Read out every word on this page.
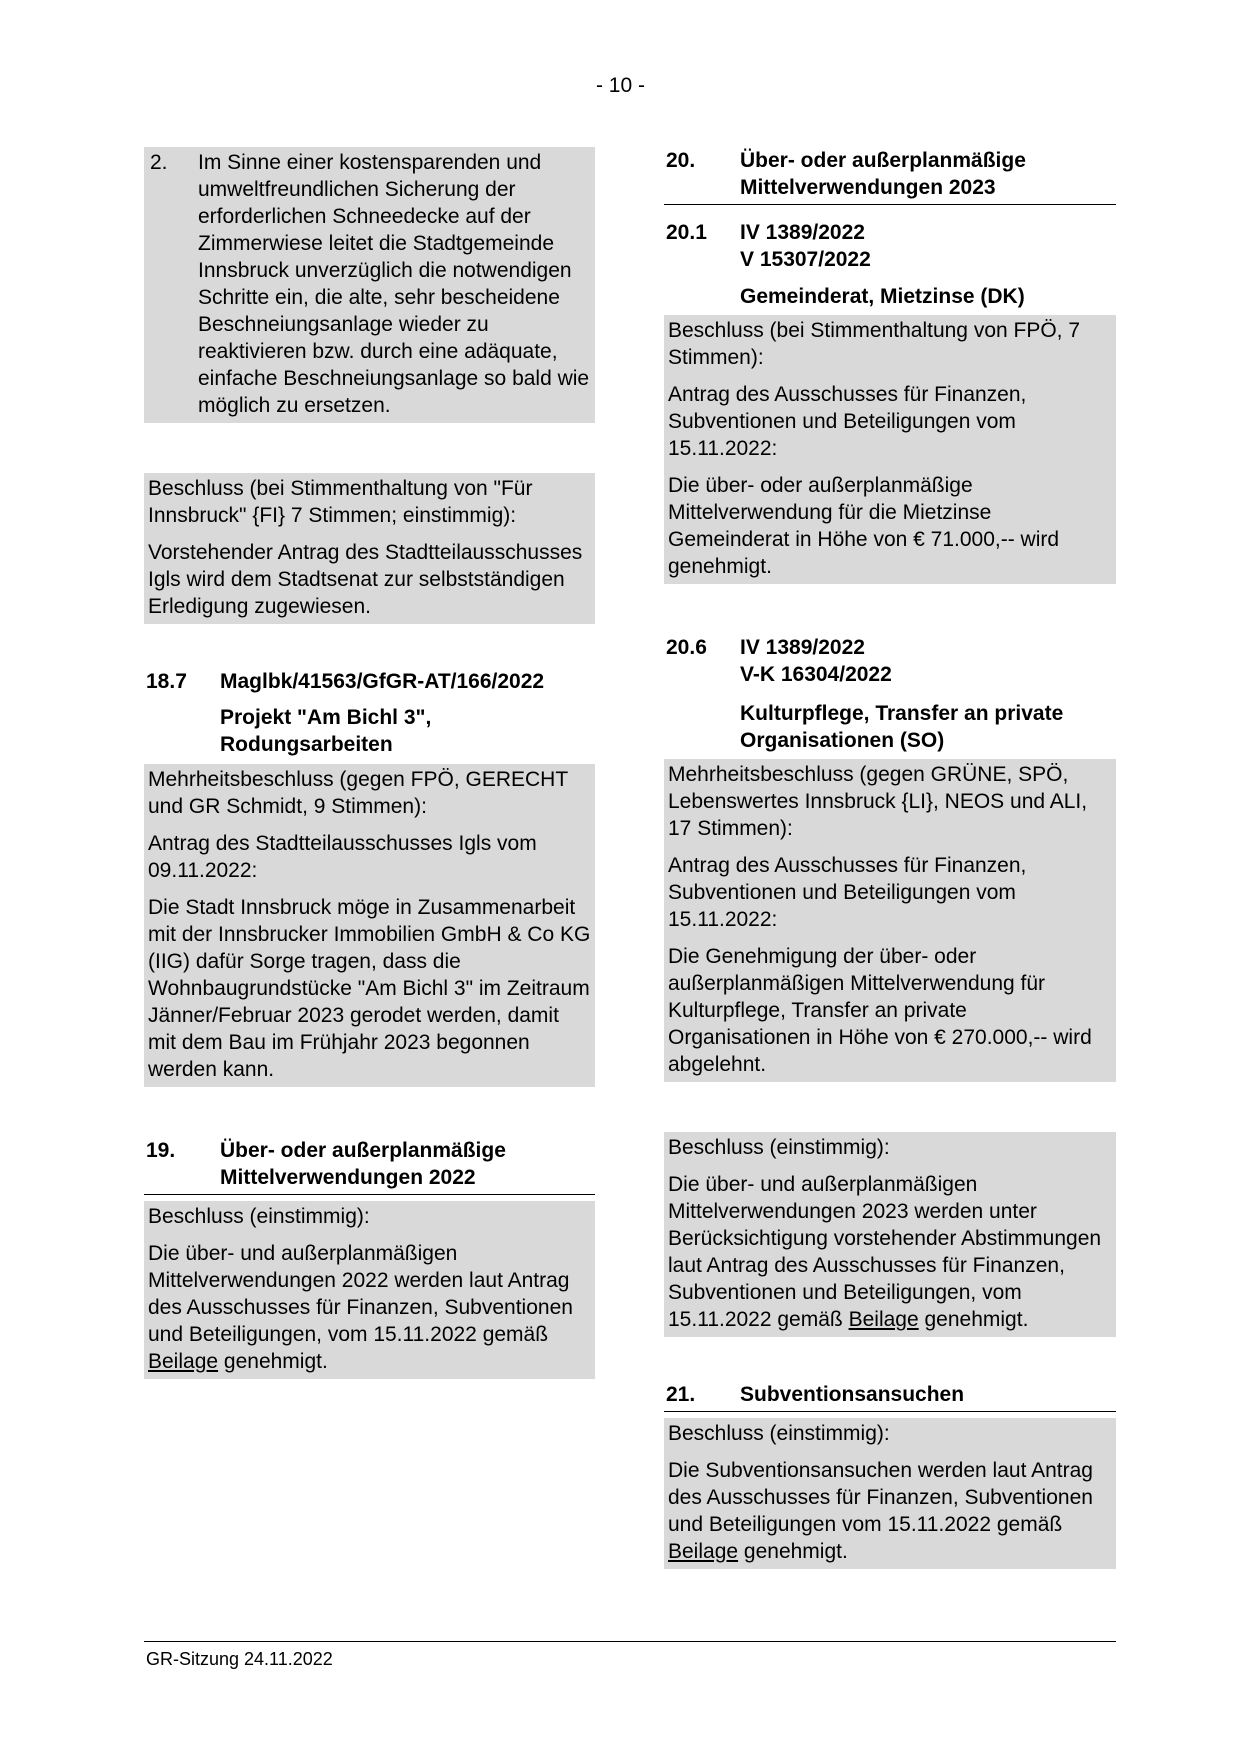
- 10 -
2.	Im Sinne einer kostensparenden und umweltfreundlichen Sicherung der erforderlichen Schneedecke auf der Zimmerwiese leitet die Stadtgemeinde Innsbruck unverzüglich die notwendigen Schritte ein, die alte, sehr bescheidene Beschneiungsanlage wieder zu reaktivieren bzw. durch eine adäquate, einfache Beschneiungsanlage so bald wie möglich zu ersetzen.

Beschluss (bei Stimmenthaltung von "Für Innsbruck" {FI} 7 Stimmen; einstimmig):

Vorstehender Antrag des Stadtteilausschusses Igls wird dem Stadtsenat zur selbstständigen Erledigung zugewiesen.

18.7	Maglbk/41563/GfGR-AT/166/2022
Projekt "Am Bichl 3", Rodungsarbeiten

Mehrheitsbeschluss (gegen FPÖ, GERECHT und GR Schmidt, 9 Stimmen):

Antrag des Stadtteilausschusses Igls vom 09.11.2022:

Die Stadt Innsbruck möge in Zusammenarbeit mit der Innsbrucker Immobilien GmbH & Co KG (IIG) dafür Sorge tragen, dass die Wohnbaugrundstücke "Am Bichl 3" im Zeitraum Jänner/Februar 2023 gerodet werden, damit mit dem Bau im Frühjahr 2023 begonnen werden kann.

19.	Über- oder außerplanmäßige Mittelverwendungen 2022

Beschluss (einstimmig):

Die über- und außerplanmäßigen Mittelverwendungen 2022 werden laut Antrag des Ausschusses für Finanzen, Subventionen und Beteiligungen, vom 15.11.2022 gemäß Beilage genehmigt.

20.	Über- oder außerplanmäßige Mittelverwendungen 2023
20.1	IV 1389/2022
V 15307/2022
Gemeinderat, Mietzinse (DK)

Beschluss (bei Stimmenthaltung von FPÖ, 7 Stimmen):

Antrag des Ausschusses für Finanzen, Subventionen und Beteiligungen vom 15.11.2022:

Die über- oder außerplanmäßige Mittelverwendung für die Mietzinse Gemeinderat in Höhe von € 71.000,-- wird genehmigt.

20.6	IV 1389/2022
V-K 16304/2022
Kulturpflege, Transfer an private Organisationen (SO)

Mehrheitsbeschluss (gegen GRÜNE, SPÖ, Lebenswertes Innsbruck {LI}, NEOS und ALI, 17 Stimmen):

Antrag des Ausschusses für Finanzen, Subventionen und Beteiligungen vom 15.11.2022:

Die Genehmigung der über- oder außerplanmäßigen Mittelverwendung für Kulturpflege, Transfer an private Organisationen in Höhe von € 270.000,-- wird abgelehnt.

Beschluss (einstimmig):

Die über- und außerplanmäßigen Mittelverwendungen 2023 werden unter Berücksichtigung vorstehender Abstimmungen laut Antrag des Ausschusses für Finanzen, Subventionen und Beteiligungen, vom 15.11.2022 gemäß Beilage genehmigt.

21.	Subventionsansuchen

Beschluss (einstimmig):

Die Subventionsansuchen werden laut Antrag des Ausschusses für Finanzen, Subventionen und Beteiligungen vom 15.11.2022 gemäß Beilage genehmigt.

GR-Sitzung 24.11.2022
